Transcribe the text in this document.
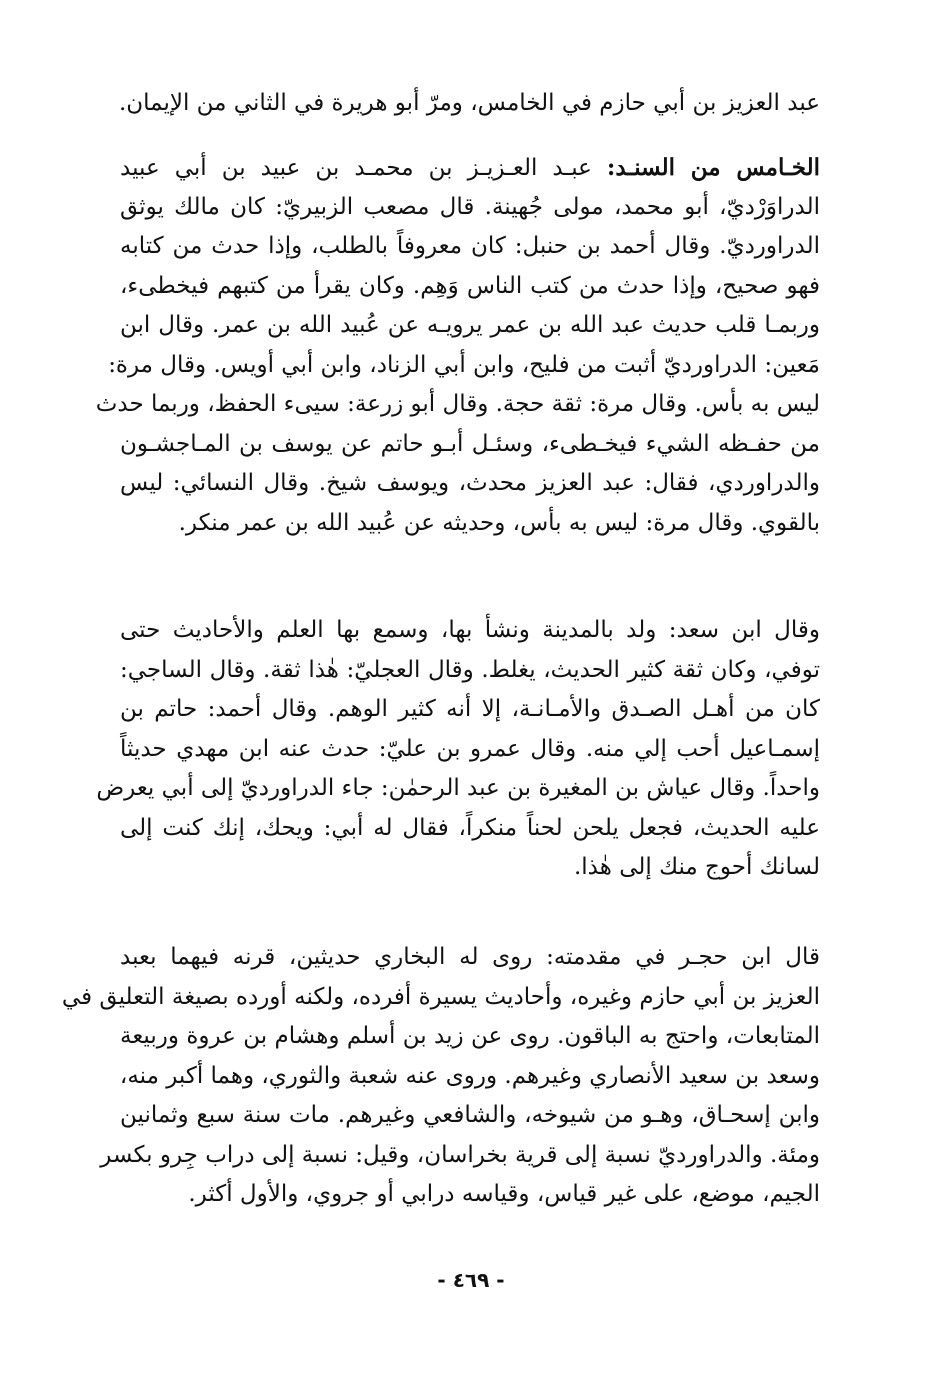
عبد العزيز بن أبي حازم في الخامس، ومرّ أبو هريرة في الثاني من الإيمان.
الخـامس من السنـد: عبـد العـزيـز بن محمـد بن عبيد بن أبي عبيد
الدراوَرْديّ، أبو محمد، مولى جُهينة. قال مصعب الزبيريّ: كان مالك يوثق
الدراورديّ. وقال أحمد بن حنبل: كان معروفاً بالطلب، وإذا حدث من كتابه
فهو صحيح، وإذا حدث من كتب الناس وَهِم. وكان يقرأ من كتبهم فيخطىء،
وربمـا قلب حديث عبد الله بن عمر يرويـه عن عُبيد الله بن عمر. وقال ابن
مَعين: الدراورديّ أثبت من فليح، وابن أبي الزناد، وابن أبي أويس. وقال مرة:
ليس به بأس. وقال مرة: ثقة حجة. وقال أبو زرعة: سيىء الحفظ، وربما حدث
من حفـظه الشيء فيخـطىء، وسئـل أبـو حاتم عن يوسف بن المـاجشـون
والدراوردي، فقال: عبد العزيز محدث، ويوسف شيخ. وقال النسائي: ليس
بالقوي. وقال مرة: ليس به بأس، وحديثه عن عُبيد الله بن عمر منكر.
وقال ابن سعد: ولد بالمدينة ونشأ بها، وسمع بها العلم والأحاديث حتى
توفي، وكان ثقة كثير الحديث، يغلط. وقال العجليّ: هٰذا ثقة. وقال الساجي:
كان من أهـل الصـدق والأمـانـة، إلا أنه كثير الوهم. وقال أحمد: حاتم بن
إسمـاعيل أحب إلي منه. وقال عمرو بن عليّ: حدث عنه ابن مهدي حديثاً
واحداً. وقال عياش بن المغيرة بن عبد الرحمٰن: جاء الدراورديّ إلى أبي يعرض
عليه الحديث، فجعل يلحن لحناً منكراً، فقال له أبي: ويحك، إنك كنت إلى
لسانك أحوج منك إلى هٰذا.
قال ابن حجـر في مقدمته: روى له البخاري حديثين، قرنه فيهما بعبد
العزيز بن أبي حازم وغيره، وأحاديث يسيرة أفرده، ولكنه أورده بصيغة التعليق في
المتابعات، واحتج به الباقون. روى عن زيد بن أسلم وهشام بن عروة وربيعة
وسعد بن سعيد الأنصاري وغيرهم. وروى عنه شعبة والثوري، وهما أكبر منه،
وابن إسحـاق، وهـو من شيوخه، والشافعي وغيرهم. مات سنة سبع وثمانين
ومئة. والدراورديّ نسبة إلى قرية بخراسان، وقيل: نسبة إلى دراب جِرو بكسر
الجيم، موضع، على غير قياس، وقياسه درابي أو جروي، والأول أكثر.
- ٤٦٩ -
